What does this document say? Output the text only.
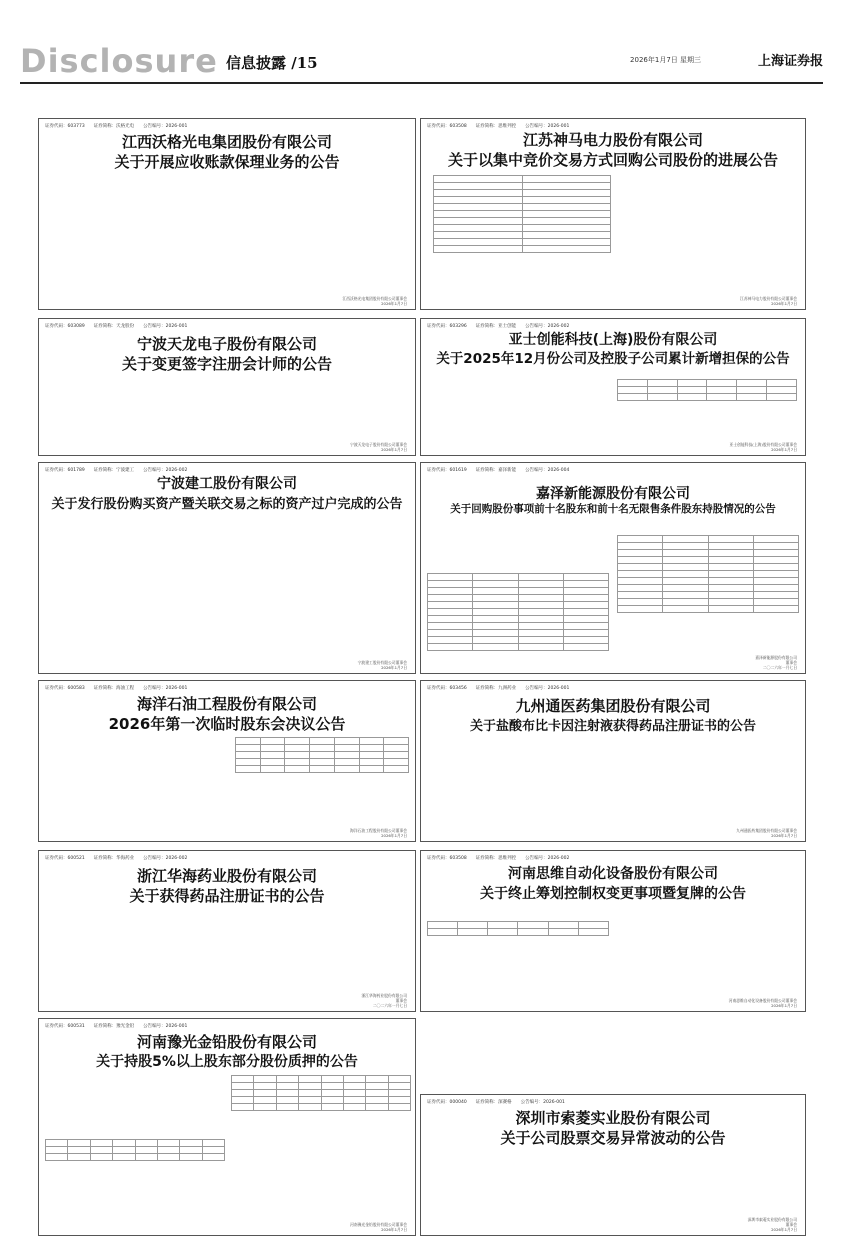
Disclosure 信息披露 /15	2026年1月7日 星期三	上海证券报
证券代码：603773　　证券简称：沃格光电　　公告编号：2026-001
江西沃格光电集团股份有限公司
关于开展应收账款保理业务的公告
江西沃格光电集团股份有限公司董事会
2026年1月7日
证券代码：603508　　证券简称：思维列控　　公告编号：2026-001
江苏神马电力股份有限公司
关于以集中竞价交易方式回购公司股份的进展公告

江苏神马电力股份有限公司董事会
2026年1月7日
证券代码：603089　　证券简称：天龙股份　　公告编号：2026-001
宁波天龙电子股份有限公司
关于变更签字注册会计师的公告
宁波天龙电子股份有限公司董事会
2026年1月7日
证券代码：603296　　证券简称：亚士创能　　公告编号：2026-002
亚士创能科技(上海)股份有限公司
关于2025年12月份公司及控股子公司累计新增担保的公告

亚士创能科技(上海)股份有限公司董事会
2026年1月7日
证券代码：601789　　证券简称：宁波建工　　公告编号：2026-002
宁波建工股份有限公司
关于发行股份购买资产暨关联交易之标的资产过户完成的公告
宁波建工股份有限公司董事会
2026年1月7日
证券代码：601619　　证券简称：嘉泽新能　　公告编号：2026-004
嘉泽新能源股份有限公司
关于回购股份事项前十名股东和前十名无限售条件股东持股情况的公告

嘉泽新能源股份有限公司
董事会
二〇二六年一月七日
证券代码：600583　　证券简称：海油工程　　公告编号：2026-001
海洋石油工程股份有限公司
2026年第一次临时股东会决议公告

海洋石油工程股份有限公司董事会
2026年1月7日
证券代码：603456　　证券简称：九洲药业　　公告编号：2026-001
九州通医药集团股份有限公司
关于盐酸布比卡因注射液获得药品注册证书的公告
九州通医药集团股份有限公司董事会
2026年1月7日
证券代码：600521　　证券简称：华海药业　　公告编号：2026-002
浙江华海药业股份有限公司
关于获得药品注册证书的公告
浙江华海药业股份有限公司
董事会
二〇二六年一月七日
证券代码：603508　　证券简称：思维列控　　公告编号：2026-002
河南思维自动化设备股份有限公司
关于终止筹划控制权变更事项暨复牌的公告

河南思维自动化设备股份有限公司董事会
2026年1月7日
证券代码：600531　　证券简称：豫光金铅　　公告编号：2026-001
河南豫光金铅股份有限公司
关于持股5%以上股东部分股份质押的公告

河南豫光金铅股份有限公司董事会
2026年1月7日
证券代码：000040　　证券简称：深赛格　　公告编号：2026-001
深圳市索菱实业股份有限公司
关于公司股票交易异常波动的公告
深圳市索菱实业股份有限公司
董事会
2026年1月7日
